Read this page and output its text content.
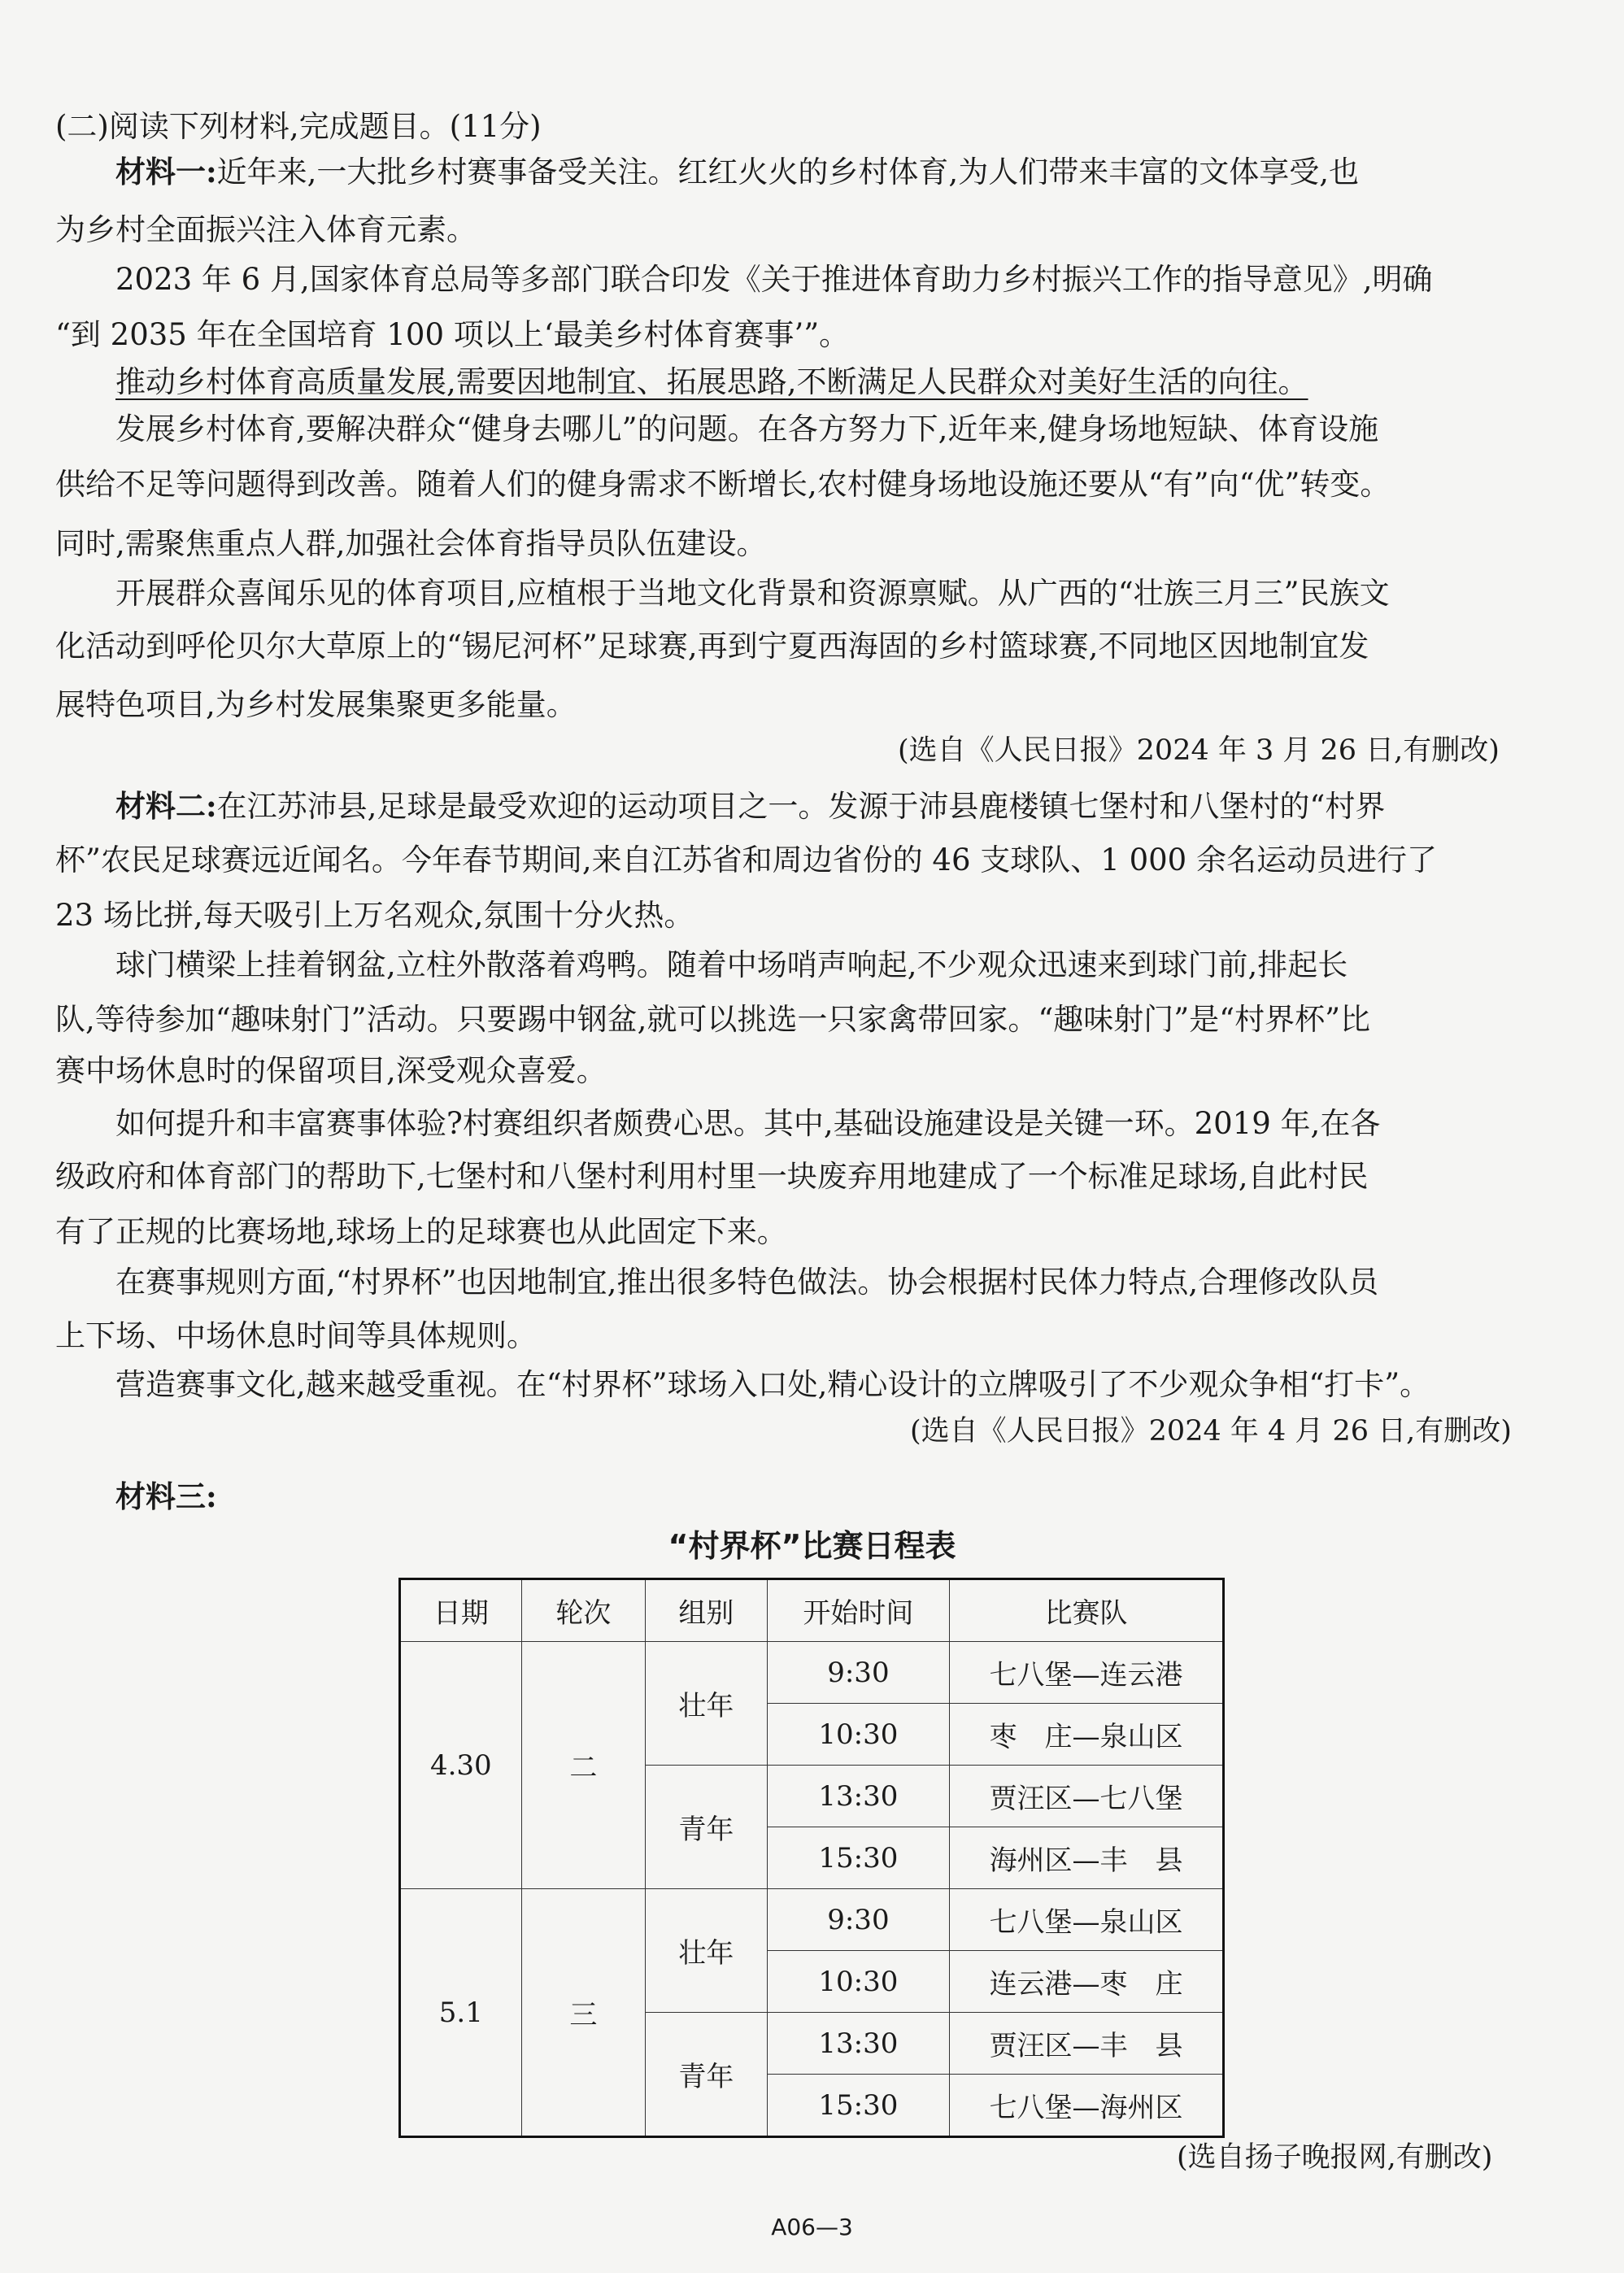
(二)阅读下列材料,完成题目。(11分)
材料一:近年来,一大批乡村赛事备受关注。红红火火的乡村体育,为人们带来丰富的文体享受,也
为乡村全面振兴注入体育元素。
2023 年 6 月,国家体育总局等多部门联合印发《关于推进体育助力乡村振兴工作的指导意见》,明确
“到 2035 年在全国培育 100 项以上‘最美乡村体育赛事’”。
推动乡村体育高质量发展,需要因地制宜、拓展思路,不断满足人民群众对美好生活的向往。
发展乡村体育,要解决群众“健身去哪儿”的问题。在各方努力下,近年来,健身场地短缺、体育设施
供给不足等问题得到改善。随着人们的健身需求不断增长,农村健身场地设施还要从“有”向“优”转变。
同时,需聚焦重点人群,加强社会体育指导员队伍建设。
开展群众喜闻乐见的体育项目,应植根于当地文化背景和资源禀赋。从广西的“壮族三月三”民族文
化活动到呼伦贝尔大草原上的“锡尼河杯”足球赛,再到宁夏西海固的乡村篮球赛,不同地区因地制宜发
展特色项目,为乡村发展集聚更多能量。
(选自《人民日报》2024 年 3 月 26 日,有删改)
材料二:在江苏沛县,足球是最受欢迎的运动项目之一。发源于沛县鹿楼镇七堡村和八堡村的“村界
杯”农民足球赛远近闻名。今年春节期间,来自江苏省和周边省份的 46 支球队、1 000 余名运动员进行了
23 场比拼,每天吸引上万名观众,氛围十分火热。
球门横梁上挂着钢盆,立柱外散落着鸡鸭。随着中场哨声响起,不少观众迅速来到球门前,排起长
队,等待参加“趣味射门”活动。只要踢中钢盆,就可以挑选一只家禽带回家。“趣味射门”是“村界杯”比
赛中场休息时的保留项目,深受观众喜爱。
如何提升和丰富赛事体验?村赛组织者颇费心思。其中,基础设施建设是关键一环。2019 年,在各
级政府和体育部门的帮助下,七堡村和八堡村利用村里一块废弃用地建成了一个标准足球场,自此村民
有了正规的比赛场地,球场上的足球赛也从此固定下来。
在赛事规则方面,“村界杯”也因地制宜,推出很多特色做法。协会根据村民体力特点,合理修改队员
上下场、中场休息时间等具体规则。
营造赛事文化,越来越受重视。在“村界杯”球场入口处,精心设计的立牌吸引了不少观众争相“打卡”。
(选自《人民日报》2024 年 4 月 26 日,有删改)
材料三:
“村界杯”比赛日程表
日期	轮次	组别	开始时间	比赛队
4.30	二	壮年	9:30	七八堡—连云港
			10:30	枣　庄—泉山区
		青年	13:30	贾汪区—七八堡
			15:30	海州区—丰　县
5.1	三	壮年	9:30	七八堡—泉山区
			10:30	连云港—枣　庄
		青年	13:30	贾汪区—丰　县
			15:30	七八堡—海州区
(选自扬子晚报网,有删改)
A06—3
